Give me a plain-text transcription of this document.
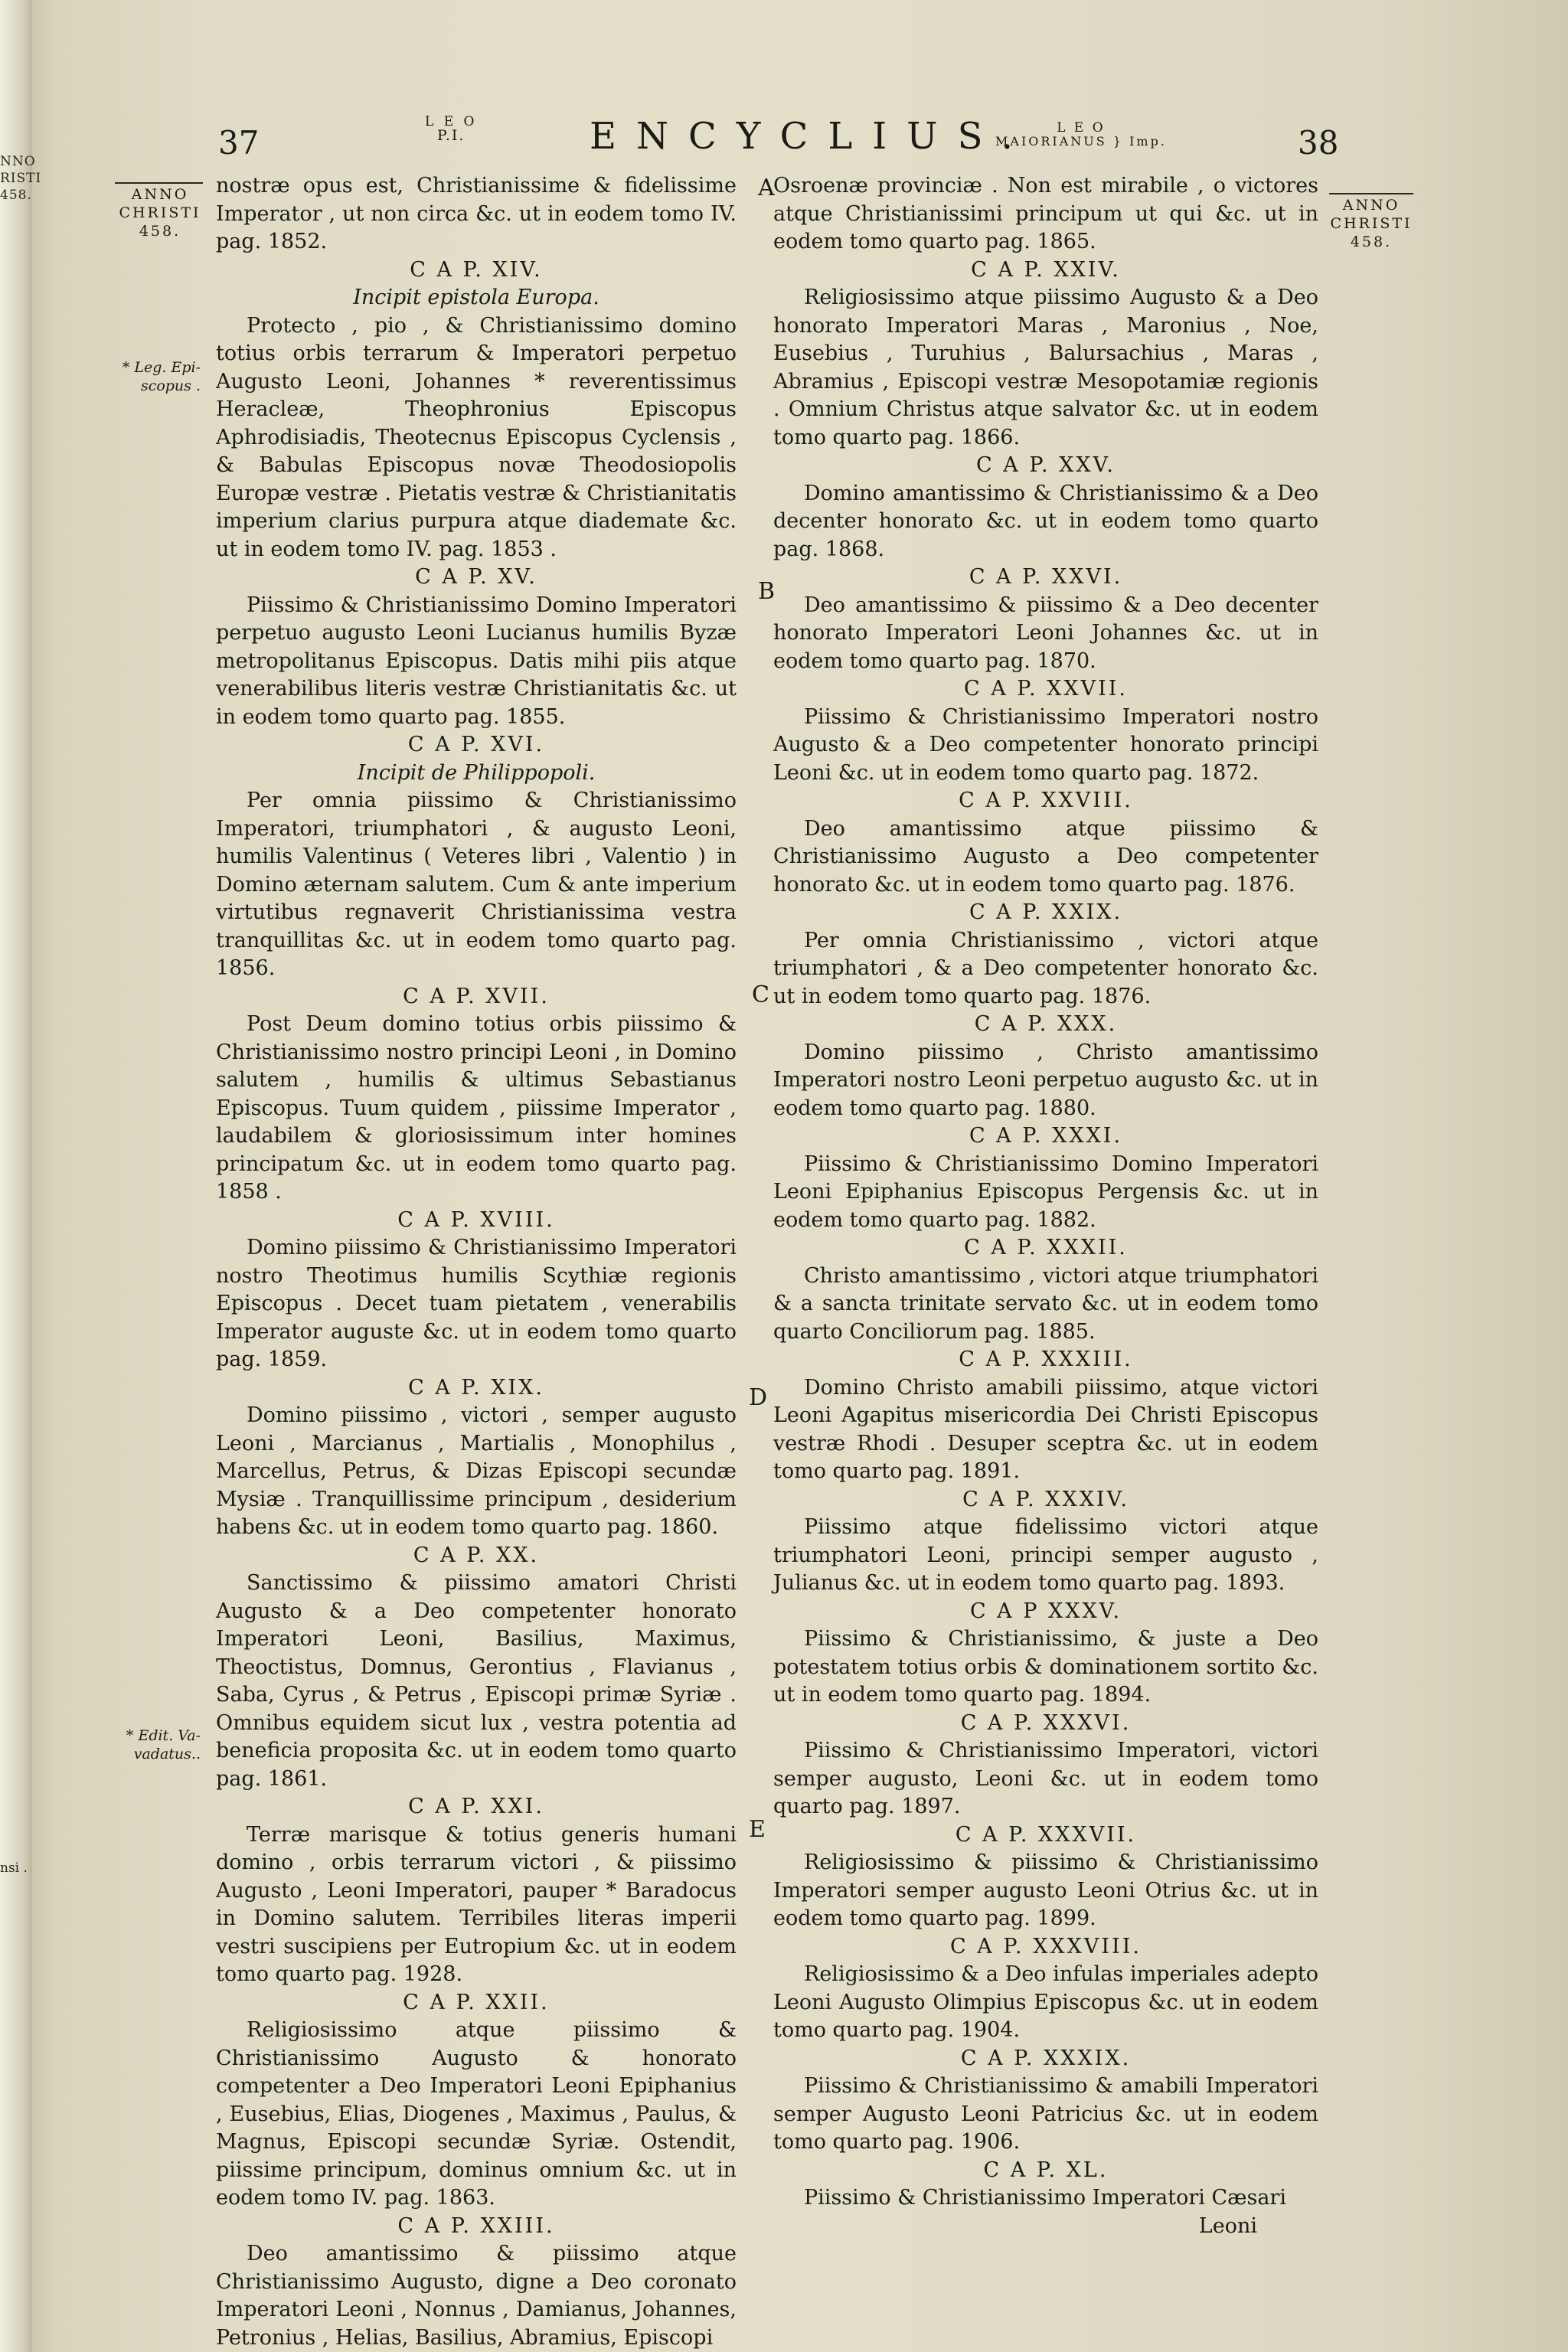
NNO
RISTI
458.
nsi .
37
L E O
P.I.	ENCYCLIUS.	L E O
MAIORIANUS } Imp.	38
ANNO
CHRISTI
458.
* Leg. Epi-
scopus .
* Edit. Va-
vadatus..
ANNO
CHRISTI
458.
A
B
C
D
E

nostræ opus est, Christianissime & fidelissime Imperator , ut non circa &c. ut in eodem tomo IV. pag. 1852.

C A P. XIV.

Incipit epistola Europa.

Protecto , pio , & Christianissimo domino totius orbis terrarum & Imperatori perpetuo Augusto Leoni, Johannes * reverentissimus Heracleæ, Theophronius Episcopus Aphrodisiadis, Theotecnus Episcopus Cyclensis , & Babulas Episcopus novæ Theodosiopolis Europæ vestræ . Pietatis vestræ & Christianitatis imperium clarius purpura atque diademate &c. ut in eodem tomo IV. pag. 1853 .

C A P. XV.

Piissimo & Christianissimo Domino Imperatori perpetuo augusto Leoni Lucianus humilis Byzæ metropolitanus Episcopus. Datis mihi piis atque venerabilibus literis vestræ Christianitatis &c. ut in eodem tomo quarto pag. 1855.

C A P. XVI.

Incipit de Philippopoli.

Per omnia piissimo & Christianissimo Imperatori, triumphatori , & augusto Leoni, humilis Valentinus ( Veteres libri , Valentio ) in Domino æternam salutem. Cum & ante imperium virtutibus regnaverit Christianissima vestra tranquillitas &c. ut in eodem tomo quarto pag. 1856.

C A P. XVII.

Post Deum domino totius orbis piissimo & Christianissimo nostro principi Leoni , in Domino salutem , humilis & ultimus Sebastianus Episcopus. Tuum quidem , piissime Imperator , laudabilem & gloriosissimum inter homines principatum &c. ut in eodem tomo quarto pag. 1858 .

C A P. XVIII.

Domino piissimo & Christianissimo Imperatori nostro Theotimus humilis Scythiæ regionis Episcopus . Decet tuam pietatem , venerabilis Imperator auguste &c. ut in eodem tomo quarto pag. 1859.

C A P. XIX.

Domino piissimo , victori , semper augusto Leoni , Marcianus , Martialis , Monophilus , Marcellus, Petrus, & Dizas Episcopi secundæ Mysiæ . Tranquillissime principum , desiderium habens &c. ut in eodem tomo quarto pag. 1860.

C A P. XX.

Sanctissimo & piissimo amatori Christi Augusto & a Deo competenter honorato Imperatori Leoni, Basilius, Maximus, Theoctistus, Domnus, Gerontius , Flavianus , Saba, Cyrus , & Petrus , Episcopi primæ Syriæ . Omnibus equidem sicut lux , vestra potentia ad beneficia proposita &c. ut in eodem tomo quarto pag. 1861.

C A P. XXI.

Terræ marisque & totius generis humani domino , orbis terrarum victori , & piissimo Augusto , Leoni Imperatori, pauper * Baradocus in Domino salutem. Terribiles literas imperii vestri suscipiens per Eutropium &c. ut in eodem tomo quarto pag. 1928.

C A P. XXII.

Religiosissimo atque piissimo & Christianissimo Augusto & honorato competenter a Deo Imperatori Leoni Epiphanius , Eusebius, Elias, Diogenes , Maximus , Paulus, & Magnus, Episcopi secundæ Syriæ. Ostendit, piissime principum, dominus omnium &c. ut in eodem tomo IV. pag. 1863.

C A P. XXIII.

Deo amantissimo & piissimo atque Christianissimo Augusto, digne a Deo coronato Imperatori Leoni , Nonnus , Damianus, Johannes, Petronius , Helias, Basilius, Abramius, Episcopi

Osroenæ provinciæ . Non est mirabile , o victores atque Christianissimi principum ut qui &c. ut in eodem tomo quarto pag. 1865.

C A P. XXIV.

Religiosissimo atque piissimo Augusto & a Deo honorato Imperatori Maras , Maronius , Noe, Eusebius , Turuhius , Balursachius , Maras , Abramius , Episcopi vestræ Mesopotamiæ regionis . Omnium Christus atque salvator &c. ut in eodem tomo quarto pag. 1866.

C A P. XXV.

Domino amantissimo & Christianissimo & a Deo decenter honorato &c. ut in eodem tomo quarto pag. 1868.

C A P. XXVI.

Deo amantissimo & piissimo & a Deo decenter honorato Imperatori Leoni Johannes &c. ut in eodem tomo quarto pag. 1870.

C A P. XXVII.

Piissimo & Christianissimo Imperatori nostro Augusto & a Deo competenter honorato principi Leoni &c. ut in eodem tomo quarto pag. 1872.

C A P. XXVIII.

Deo amantissimo atque piissimo & Christianissimo Augusto a Deo competenter honorato &c. ut in eodem tomo quarto pag. 1876.

C A P. XXIX.

Per omnia Christianissimo , victori atque triumphatori , & a Deo competenter honorato &c. ut in eodem tomo quarto pag. 1876.

C A P. XXX.

Domino piissimo , Christo amantissimo Imperatori nostro Leoni perpetuo augusto &c. ut in eodem tomo quarto pag. 1880.

C A P. XXXI.

Piissimo & Christianissimo Domino Imperatori Leoni Epiphanius Episcopus Pergensis &c. ut in eodem tomo quarto pag. 1882.

C A P. XXXII.

Christo amantissimo , victori atque triumphatori & a sancta trinitate servato &c. ut in eodem tomo quarto Conciliorum pag. 1885.

C A P. XXXIII.

Domino Christo amabili piissimo, atque victori Leoni Agapitus misericordia Dei Christi Episcopus vestræ Rhodi . Desuper sceptra &c. ut in eodem tomo quarto pag. 1891.

C A P. XXXIV.

Piissimo atque fidelissimo victori atque triumphatori Leoni, principi semper augusto , Julianus &c. ut in eodem tomo quarto pag. 1893.

C A P XXXV.

Piissimo & Christianissimo, & juste a Deo potestatem totius orbis & dominationem sortito &c. ut in eodem tomo quarto pag. 1894.

C A P. XXXVI.

Piissimo & Christianissimo Imperatori, victori semper augusto, Leoni &c. ut in eodem tomo quarto pag. 1897.

C A P. XXXVII.

Religiosissimo & piissimo & Christianissimo Imperatori semper augusto Leoni Otrius &c. ut in eodem tomo quarto pag. 1899.

C A P. XXXVIII.

Religiosissimo & a Deo infulas imperiales adepto Leoni Augusto Olimpius Episcopus &c. ut in eodem tomo quarto pag. 1904.

C A P. XXXIX.

Piissimo & Christianissimo & amabili Imperatori semper Augusto Leoni Patricius &c. ut in eodem tomo quarto pag. 1906.

C A P. XL.

Piissimo & Christianissimo Imperatori Cæsari

Leoni
